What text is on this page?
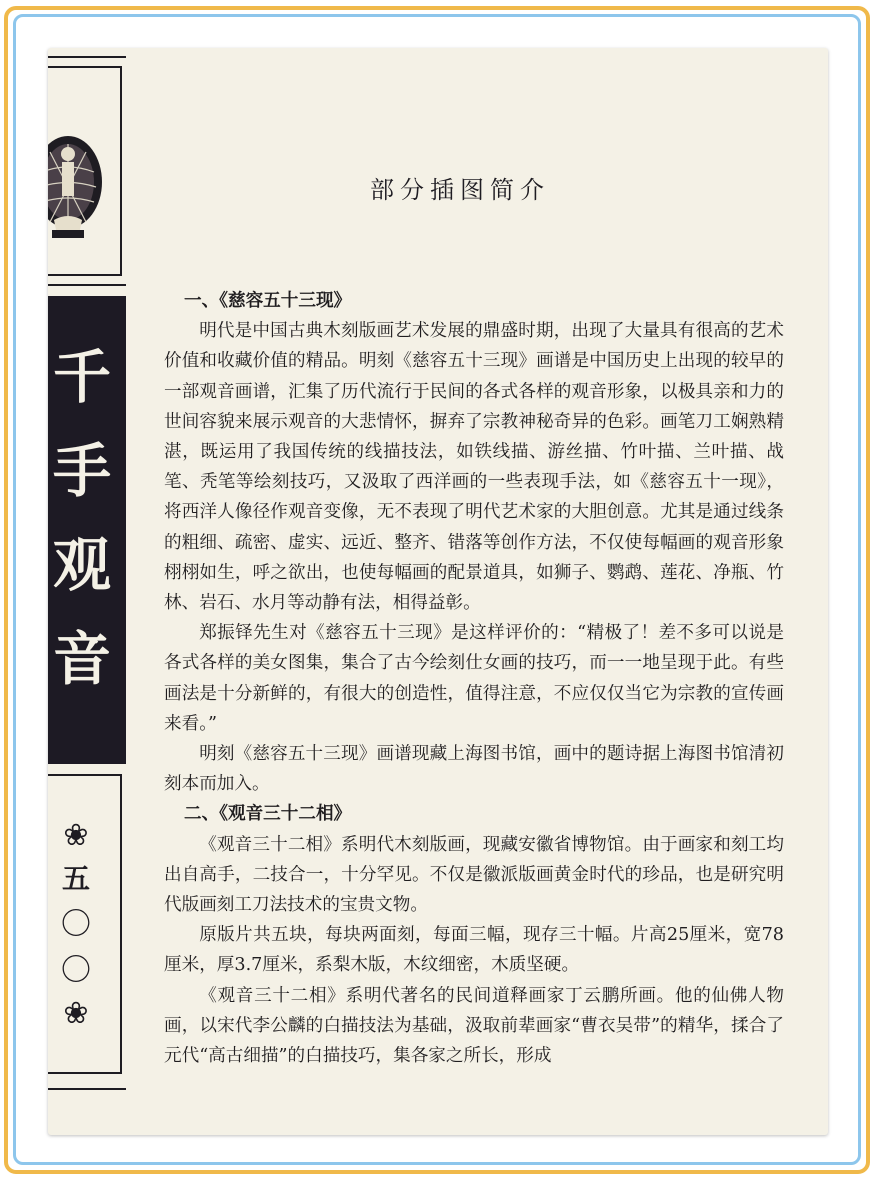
千
手
观
音
❀
五
〇
〇
❀
部分插图简介
一、《慈容五十三现》

明代是中国古典木刻版画艺术发展的鼎盛时期，出现了大量具有很高的艺术价值和收藏价值的精品。明刻《慈容五十三现》画谱是中国历史上出现的较早的一部观音画谱，汇集了历代流行于民间的各式各样的观音形象，以极具亲和力的世间容貌来展示观音的大悲情怀，摒弃了宗教神秘奇异的色彩。画笔刀工娴熟精湛，既运用了我国传统的线描技法，如铁线描、游丝描、竹叶描、兰叶描、战笔、秃笔等绘刻技巧，又汲取了西洋画的一些表现手法，如《慈容五十一现》，将西洋人像径作观音变像，无不表现了明代艺术家的大胆创意。尤其是通过线条的粗细、疏密、虚实、远近、整齐、错落等创作方法，不仅使每幅画的观音形象栩栩如生，呼之欲出，也使每幅画的配景道具，如狮子、鹦鹉、莲花、净瓶、竹林、岩石、水月等动静有法，相得益彰。

郑振铎先生对《慈容五十三现》是这样评价的：“精极了！差不多可以说是各式各样的美女图集，集合了古今绘刻仕女画的技巧，而一一地呈现于此。有些画法是十分新鲜的，有很大的创造性，值得注意，不应仅仅当它为宗教的宣传画来看。”

明刻《慈容五十三现》画谱现藏上海图书馆，画中的题诗据上海图书馆清初刻本而加入。

二、《观音三十二相》

《观音三十二相》系明代木刻版画，现藏安徽省博物馆。由于画家和刻工均出自高手，二技合一，十分罕见。不仅是徽派版画黄金时代的珍品，也是研究明代版画刻工刀法技术的宝贵文物。

原版片共五块，每块两面刻，每面三幅，现存三十幅。片高25厘米，宽78厘米，厚3.7厘米，系梨木版，木纹细密，木质坚硬。

《观音三十二相》系明代著名的民间道释画家丁云鹏所画。他的仙佛人物画，以宋代李公麟的白描技法为基础，汲取前辈画家“曹衣吴带”的精华，揉合了元代“高古细描”的白描技巧，集各家之所长，形成
